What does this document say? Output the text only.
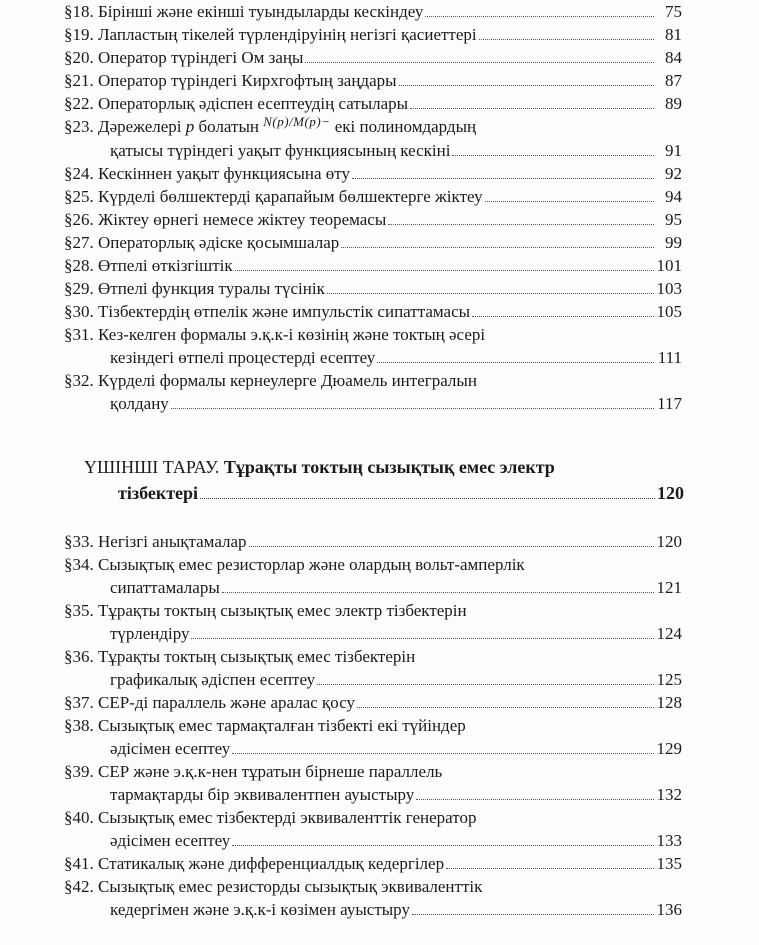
§18. Бірінші және екінші туындыларды кескіндеу	75
§19. Лапластың тікелей түрлендіруінің негізгі қасиеттері	81
§20. Оператор түріндегі Ом заңы	84
§21. Оператор түріндегі Кирхгофтың заңдары	87
§22. Операторлық әдіспен есептеудің сатылары	89
§23. Дәрежелері p болатын $^{N(p)/M(p)-}$ екі полиномдардың
қатысы түріндегі уақыт функциясының кескіні	91
§24. Кескіннен уақыт функциясына өту	92
§25. Күрделі бөлшектерді қарапайым бөлшектерге жіктеу	94
§26. Жіктеу өрнегі немесе жіктеу теоремасы	95
§27. Операторлық әдіске қосымшалар	99
§28. Өтпелі өткізгіштік	101
§29. Өтпелі функция туралы түсінік	103
§30. Тізбектердің өтпелік және импульстік сипаттамасы	105
§31. Кез-келген формалы э.қ.к-і көзінің және токтың әсері
кезіндегі өтпелі процестерді есептеу	111
§32. Күрделі формалы кернеулерге Дюамель интегралын
қолдану	117
ҮШІНШІ ТАРАУ. Тұрақты токтың сызықтық емес электр
тізбектері	120
§33. Негізгі анықтамалар	120
§34. Сызықтық емес резисторлар және олардың вольт-амперлік
сипаттамалары	121
§35. Тұрақты токтың сызықтық емес электр тізбектерін
түрлендіру	124
§36. Тұрақты токтың сызықтық емес тізбектерін
графикалық әдіспен есептеу	125
§37. СЕР-ді параллель және аралас қосу	128
§38. Сызықтық емес тармақталған тізбекті екі түйіндер
әдісімен есептеу	129
§39. СЕР және э.қ.к-нен тұратын бірнеше параллель
тармақтарды бір эквивалентпен ауыстыру	132
§40. Сызықтық емес тізбектерді эквиваленттік генератор
әдісімен есептеу	133
§41. Статикалық және дифференциалдық кедергілер	135
§42. Сызықтық емес резисторды сызықтық эквиваленттік
кедергімен және э.қ.к-і көзімен ауыстыру	136
